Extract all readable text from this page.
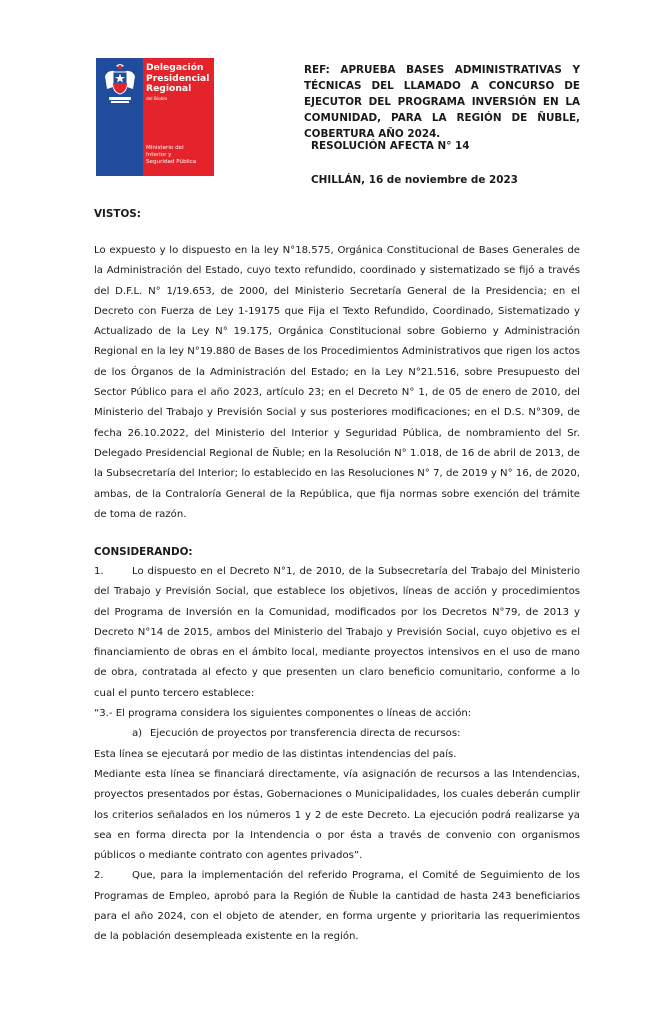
Delegación
Presidencial
Regional
del Biobío
Ministerio del
Interior y
Seguridad Pública
REF: APRUEBA BASES ADMINISTRATIVAS Y TÉCNICAS DEL LLAMADO A CONCURSO DE EJECUTOR DEL PROGRAMA INVERSIÓN EN LA COMUNIDAD, PARA LA REGIÓN DE ÑUBLE, COBERTURA AÑO 2024.
RESOLUCIÓN AFECTA N° 14
CHILLÁN, 16 de noviembre de 2023
VISTOS:
Lo expuesto y lo dispuesto en la ley N°18.575, Orgánica Constitucional de Bases Generales de la Administración del Estado, cuyo texto refundido, coordinado y sistematizado se fijó a través del D.F.L. N° 1/19.653, de 2000, del Ministerio Secretaría General de la Presidencia; en el Decreto con Fuerza de Ley 1-19175 que Fija el Texto Refundido, Coordinado, Sistematizado y Actualizado de la Ley N° 19.175, Orgánica Constitucional sobre Gobierno y Administración Regional en la ley N°19.880 de Bases de los Procedimientos Administrativos que rigen los actos de los Órganos de la Administración del Estado; en la Ley N°21.516, sobre Presupuesto del Sector Público para el año 2023, artículo 23; en el Decreto N° 1, de 05 de enero de 2010, del Ministerio del Trabajo y Previsión Social y sus posteriores modificaciones; en el D.S. N°309, de fecha 26.10.2022, del Ministerio del Interior y Seguridad Pública, de nombramiento del Sr. Delegado Presidencial Regional de Ñuble; en la Resolución N° 1.018, de 16 de abril de 2013, de la Subsecretaría del Interior; lo establecido en las Resoluciones N° 7, de 2019 y N° 16, de 2020, ambas, de la Contraloría General de la República, que fija normas sobre exención del trámite de toma de razón.
CONSIDERANDO:

1.	Lo dispuesto en el Decreto N°1, de 2010, de la Subsecretaría del Trabajo del Ministerio del Trabajo y Previsión Social, que establece los objetivos, líneas de acción y procedimientos del Programa de Inversión en la Comunidad, modificados por los Decretos N°79, de 2013 y Decreto N°14 de 2015, ambos del Ministerio del Trabajo y Previsión Social, cuyo objetivo es el financiamiento de obras en el ámbito local, mediante proyectos intensivos en el uso de mano de obra, contratada al efecto y que presenten un claro beneficio comunitario, conforme a lo cual el punto tercero establece:

“3.- El programa considera los siguientes componentes o líneas de acción:

a) Ejecución de proyectos por transferencia directa de recursos:

Esta línea se ejecutará por medio de las distintas intendencias del país.

Mediante esta línea se financiará directamente, vía asignación de recursos a las Intendencias, proyectos presentados por éstas, Gobernaciones o Municipalidades, los cuales deberán cumplir los criterios señalados en los números 1 y 2 de este Decreto. La ejecución podrá realizarse ya sea en forma directa por la Intendencia o por ésta a través de convenio con organismos públicos o mediante contrato con agentes privados”.

2.	Que, para la implementación del referido Programa, el Comité de Seguimiento de los Programas de Empleo, aprobó para la Región de Ñuble la cantidad de hasta 243 beneficiarios para el año 2024, con el objeto de atender, en forma urgente y prioritaria las requerimientos de la población desempleada existente en la región.
